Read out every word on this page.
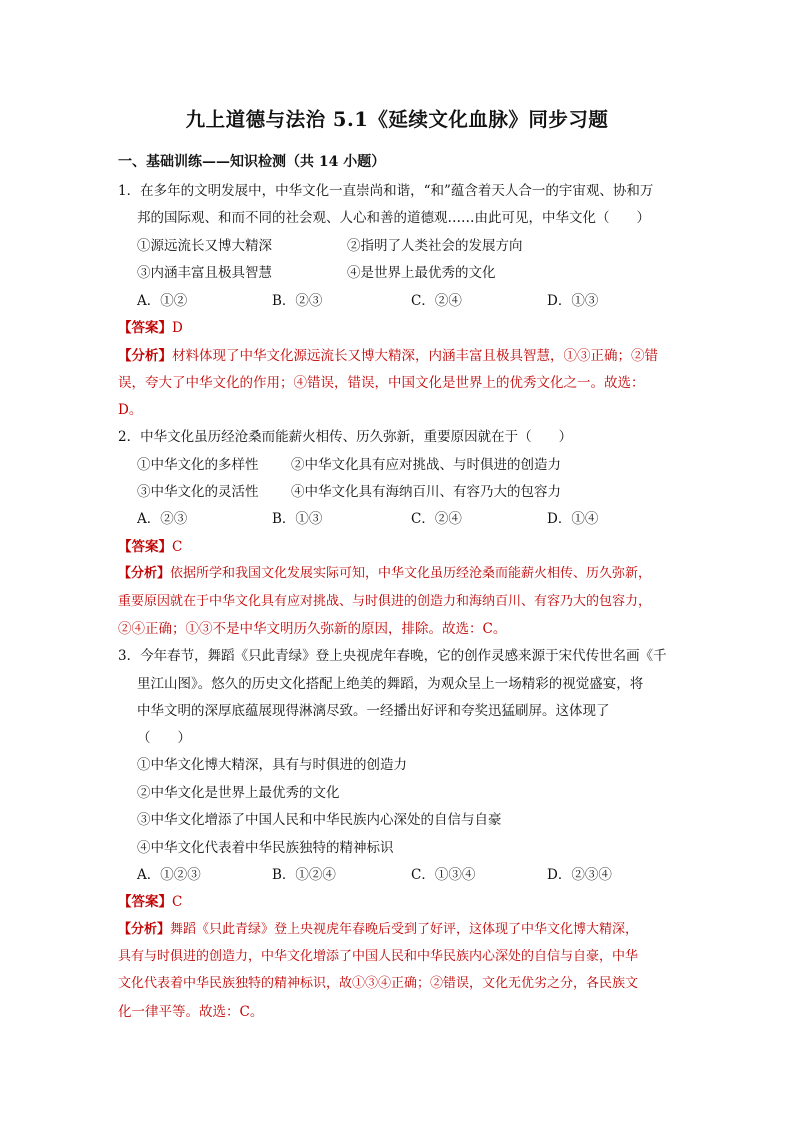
九上道德与法治 5.1《延续文化血脉》同步习题
一、基础训练——知识检测（共 14 小题）
1．在多年的文明发展中，中华文化一直崇尚和谐，“和”蕴含着天人合一的宇宙观、协和万
邦的国际观、和而不同的社会观、人心和善的道德观……由此可见，中华文化（　　）
①源远流长又博大精深	②指明了人类社会的发展方向
③内涵丰富且极具智慧	④是世界上最优秀的文化
A．①②	B．②③	C．②④	D．①③
【答案】D
【分析】材料体现了中华文化源远流长又博大精深，内涵丰富且极具智慧，①③正确；②错
误，夸大了中华文化的作用；④错误，错误，中国文化是世界上的优秀文化之一。故选：
D。
2．中华文化虽历经沧桑而能薪火相传、历久弥新，重要原因就在于（　　）
①中华文化的多样性 ②中华文化具有应对挑战、与时俱进的创造力
③中华文化的灵活性 ④中华文化具有海纳百川、有容乃大的包容力
A．②③	B．①③	C．②④	D．①④
【答案】C
【分析】依据所学和我国文化发展实际可知，中华文化虽历经沧桑而能薪火相传、历久弥新，
重要原因就在于中华文化具有应对挑战、与时俱进的创造力和海纳百川、有容乃大的包容力，
②④正确；①③不是中华文明历久弥新的原因，排除。故选：C。
3．今年春节，舞蹈《只此青绿》登上央视虎年春晚，它的创作灵感来源于宋代传世名画《千
里江山图》。悠久的历史文化搭配上绝美的舞蹈，为观众呈上一场精彩的视觉盛宴，将
中华文明的深厚底蕴展现得淋漓尽致。一经播出好评和夸奖迅猛刷屏。这体现了
（　　）
①中华文化博大精深，具有与时俱进的创造力
②中华文化是世界上最优秀的文化
③中华文化增添了中国人民和中华民族内心深处的自信与自豪
④中华文化代表着中华民族独特的精神标识
A．①②③	B．①②④	C．①③④	D．②③④
【答案】C
【分析】舞蹈《只此青绿》登上央视虎年春晚后受到了好评，这体现了中华文化博大精深，
具有与时俱进的创造力，中华文化增添了中国人民和中华民族内心深处的自信与自豪，中华
文化代表着中华民族独特的精神标识，故①③④正确；②错误，文化无优劣之分，各民族文
化一律平等。故选：C。
